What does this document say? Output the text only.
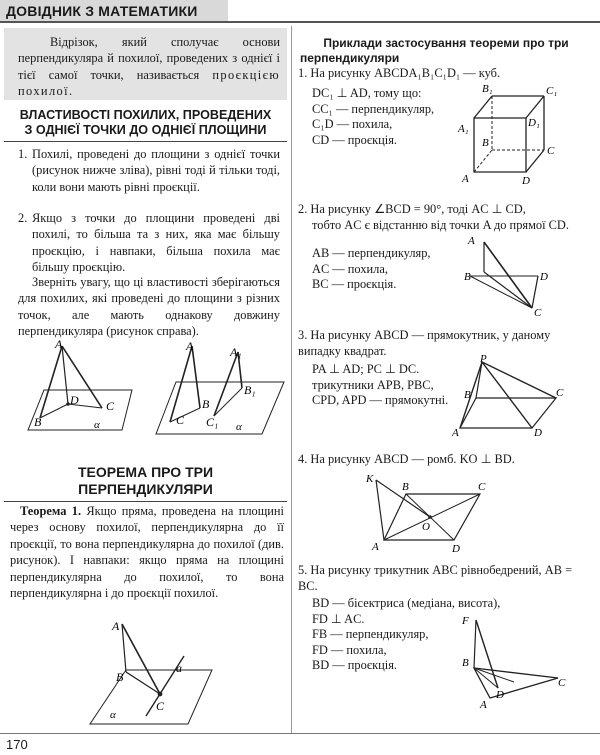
ДОВІДНИК З МАТЕМАТИКИ
Відрізок, який сполучає основи перпендикуляра й похилої, проведених з однієї і тієї самої точки, називається проєкцією похилої.
ВЛАСТИВОСТІ ПОХИЛИХ, ПРОВЕДЕНИХ
З ОДНІЄЇ ТОЧКИ ДО ОДНІЄЇ ПЛОЩИНИ
1. Похилі, проведені до площини з однієї точки (рисунок нижче зліва), рівні тоді й тільки тоді, коли вони мають рівні проєкції.
2. Якщо з точки до площини проведені дві похилі, то більша та з них, яка має більшу проєкцію, і навпаки, більша похила має більшу проєкцію.
Зверніть увагу, що ці властивості зберігаються для похилих, які проведені до площини з різних точок, але мають однакову довжину перпендикуляра (рисунок справа).
A
D
B
C
α
A	A₁
B
B₁
C C₁ α
ТЕОРЕМА ПРО ТРИ
ПЕРПЕНДИКУЛЯРИ
Теорема 1. Якщо пряма, проведена на площині через основу похилої, перпендикулярна до її проєкції, то вона перпендикулярна до похилої (див. рисунок). І навпаки: якщо пряма на площині перпендикулярна до похилої, то вона перпендикулярна і до проєкції похилої.
A
B
C
a
α
Приклади застосування теореми про три
перпендикуляри
1. На рисунку ABCDA₁B₁C₁D₁ — куб.
DC₁ ⊥ AD, тому що:
CC₁ — перпендикуляр,
C₁D — похила,
CD — проєкція.
B₁	C₁
A₁	D₁
B
C
A	D
2. На рисунку ∠BCD = 90°, тоді AC ⊥ CD,
тобто AC є відстанню від точки A до прямої CD.
AB — перпендикуляр,
AC — похила,
BC — проєкція.
A
B	D
C
3. На рисунку ABCD — прямокутник, у даному випадку квадрат.
PA ⊥ AD; PC ⊥ DC.
трикутники APB, PBC,
CPD, APD — прямокутні.
P
B	C
A	D
4. На рисунку ABCD — ромб. KO ⊥ BD.
K
B	C
O
A	D
5. На рисунку трикутник ABC рівнобедрений, AB = BC.
BD — бісектриса (медіана, висота),
FD ⊥ AC.
FB — перпендикуляр,
FD — похила,
BD — проєкція.
F
B
A
D
C
170
